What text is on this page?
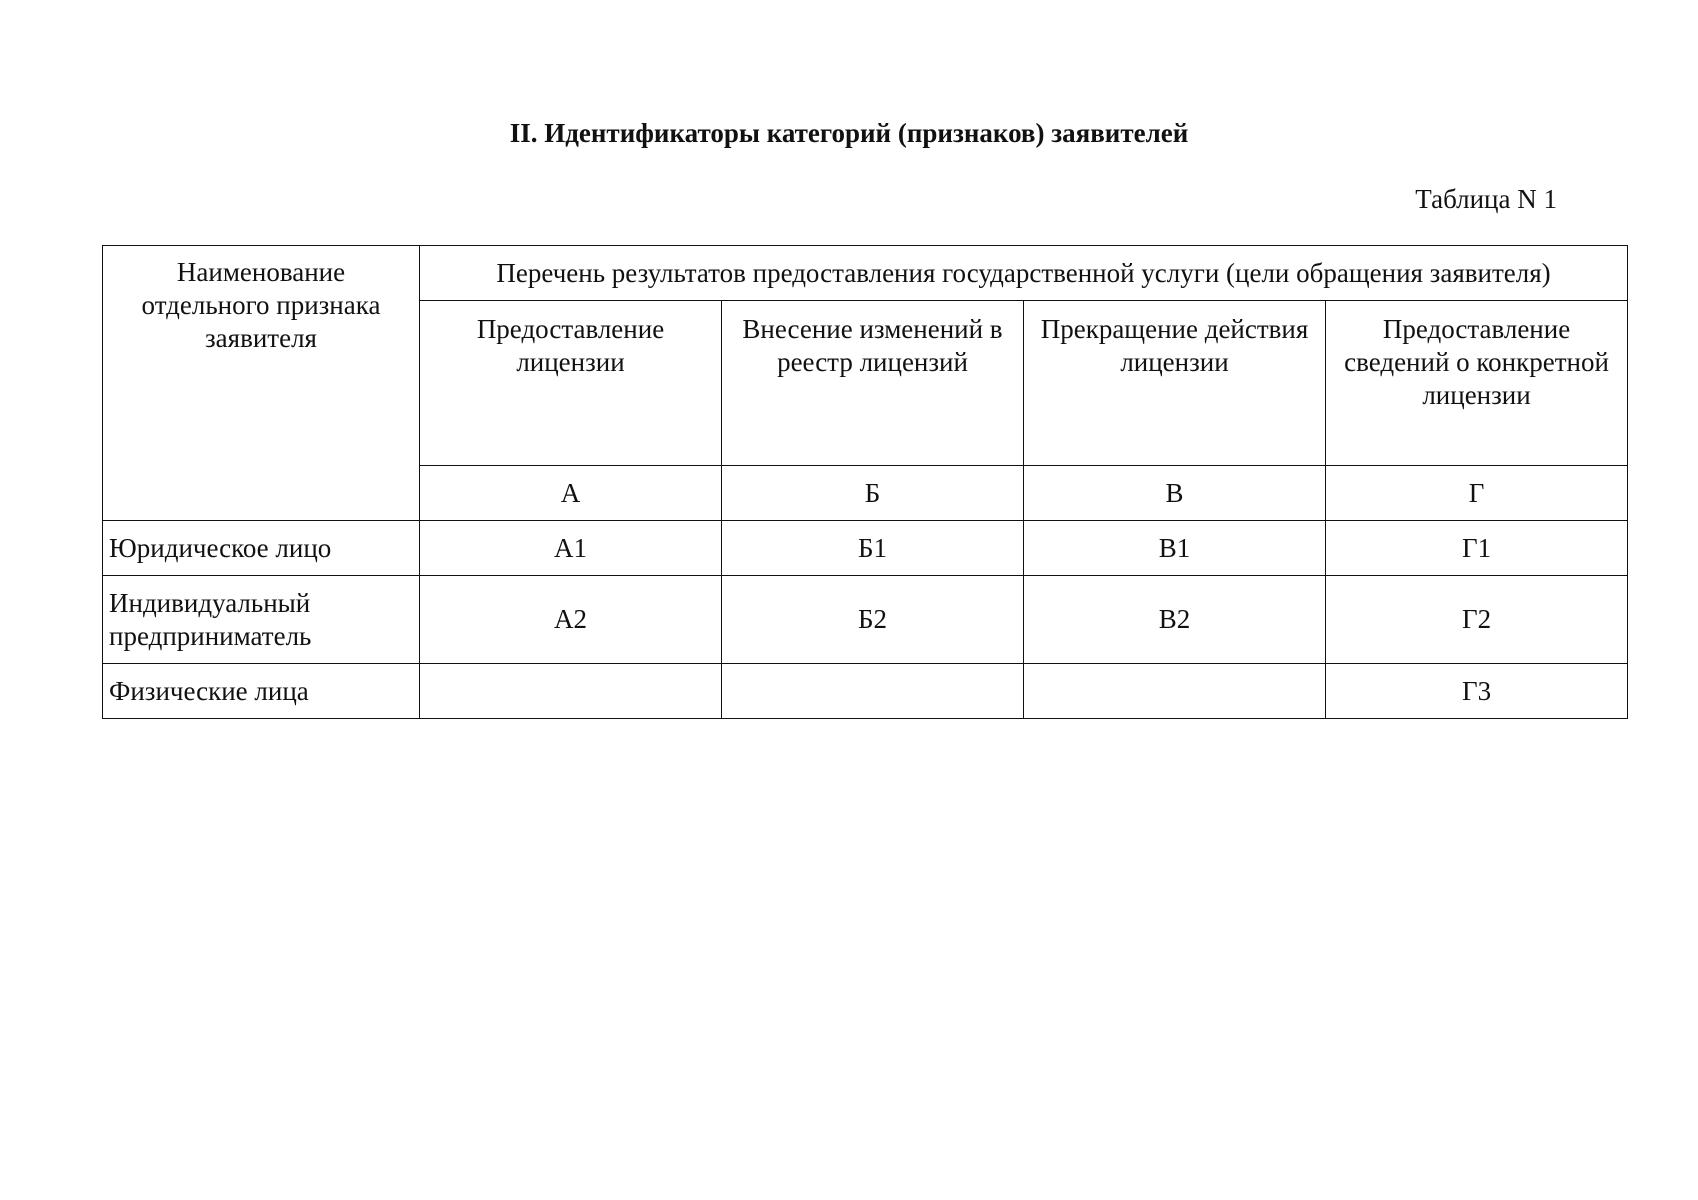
II. Идентификаторы категорий (признаков) заявителей
Таблица N 1
Наименование отдельного признака заявителя	Перечень результатов предоставления государственной услуги (цели обращения заявителя)			
	Предоставление лицензии	Внесение изменений в реестр лицензий	Прекращение действия лицензии	Предоставление сведений о конкретной лицензии
	А	Б	В	Г
Юридическое лицо	А1	Б1	В1	Г1
Индивидуальный предприниматель	А2	Б2	В2	Г2
Физические лица				Г3
